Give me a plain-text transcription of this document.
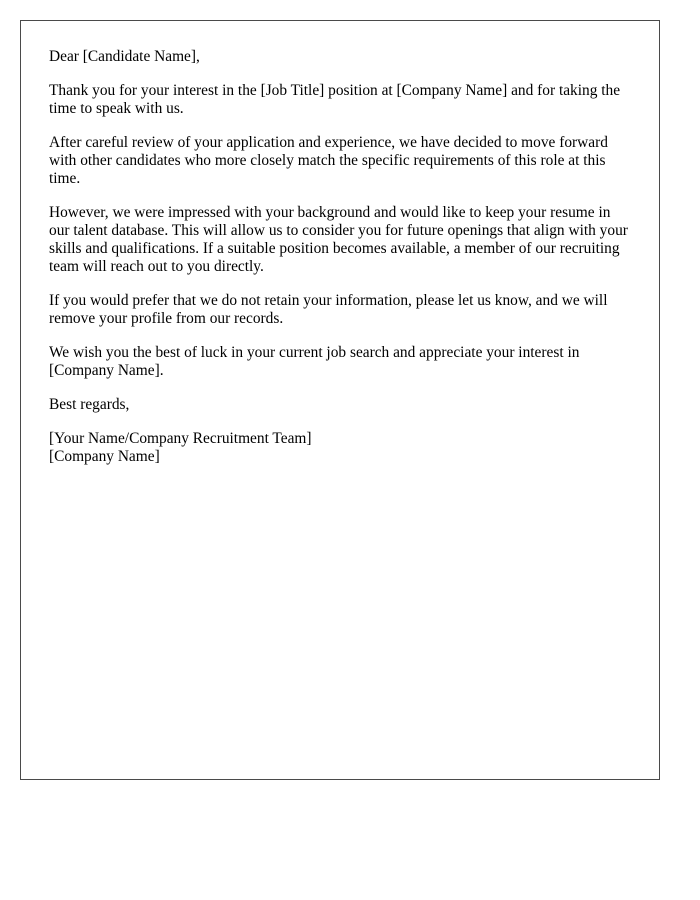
Dear [Candidate Name],

Thank you for your interest in the [Job Title] position at [Company Name] and for taking the time to speak with us.

After careful review of your application and experience, we have decided to move forward with other candidates who more closely match the specific requirements of this role at this time.

However, we were impressed with your background and would like to keep your resume in our talent database. This will allow us to consider you for future openings that align with your skills and qualifications. If a suitable position becomes available, a member of our recruiting team will reach out to you directly.

If you would prefer that we do not retain your information, please let us know, and we will remove your profile from our records.

We wish you the best of luck in your current job search and appreciate your interest in [Company Name].

Best regards,

[Your Name/Company Recruitment Team]
[Company Name]
